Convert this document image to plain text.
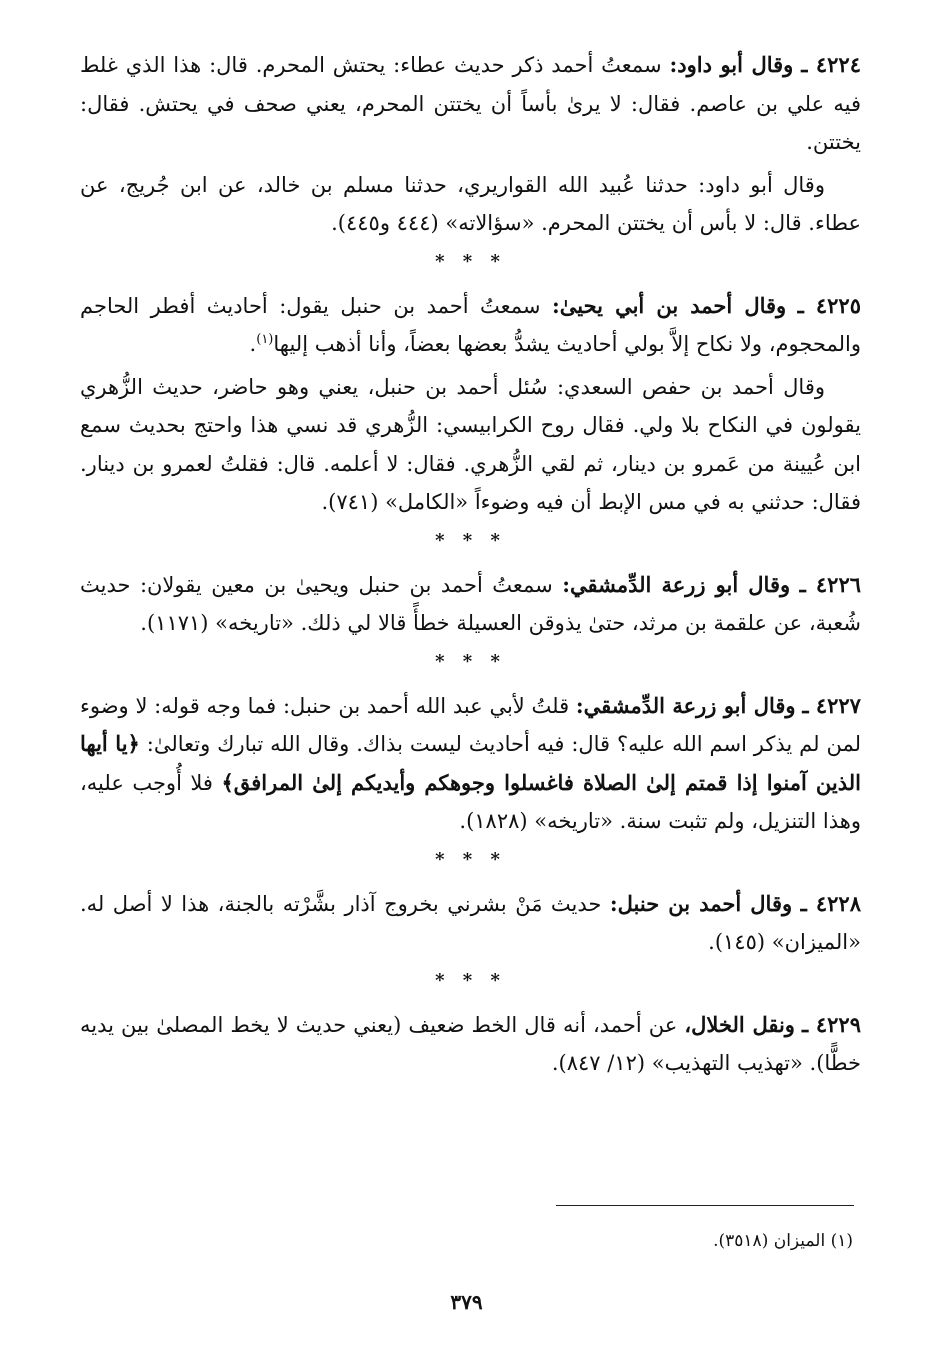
٤٢٢٤ ـ وقال أبو داود: سمعتُ أحمد ذكر حديث عطاء: يحتش المحرم. قال: هذا الذي غلط فيه علي بن عاصم. فقال: لا يرىٰ بأساً أن يختتن المحرم، يعني صحف في يحتش. فقال: يختتن.

وقال أبو داود: حدثنا عُبيد الله القواريري، حدثنا مسلم بن خالد، عن ابن جُريج، عن عطاء. قال: لا بأس أن يختتن المحرم. «سؤالاته» (٤٤٤ و٤٤٥).

* * *

٤٢٢٥ ـ وقال أحمد بن أبي يحيىٰ: سمعتُ أحمد بن حنبل يقول: أحاديث أفطر الحاجم والمحجوم، ولا نكاح إلاَّ بولي أحاديث يشدُّ بعضها بعضاً، وأنا أذهب إليها$^{(١)}$.

وقال أحمد بن حفص السعدي: سُئل أحمد بن حنبل، يعني وهو حاضر، حديث الزُّهري يقولون في النكاح بلا ولي. فقال روح الكرابيسي: الزُّهري قد نسي هذا واحتج بحديث سمع ابن عُيينة من عَمرو بن دينار، ثم لقي الزُّهري. فقال: لا أعلمه. قال: فقلتُ لعمرو بن دينار. فقال: حدثني به في مس الإبط أن فيه وضوءاً «الكامل» (٧٤١).

* * *

٤٢٢٦ ـ وقال أبو زرعة الدِّمشقي: سمعتُ أحمد بن حنبل ويحيىٰ بن معين يقولان: حديث شُعبة، عن علقمة بن مرثد، حتىٰ يذوقن العسيلة خطأً قالا لي ذلك. «تاريخه» (١١٧١).

* * *

٤٢٢٧ ـ وقال أبو زرعة الدِّمشقي: قلتُ لأبي عبد الله أحمد بن حنبل: فما وجه قوله: لا وضوء لمن لم يذكر اسم الله عليه؟ قال: فيه أحاديث ليست بذاك. وقال الله تبارك وتعالىٰ: ﴿يا أيها الذين آمنوا إذا قمتم إلىٰ الصلاة فاغسلوا وجوهكم وأيديكم إلىٰ المرافق﴾ فلا أُوجب عليه، وهذا التنزيل، ولم تثبت سنة. «تاريخه» (١٨٢٨).

* * *

٤٢٢٨ ـ وقال أحمد بن حنبل: حديث مَنْ بشرني بخروج آذار بشَّرْته بالجنة، هذا لا أصل له. «الميزان» (١٤٥).

* * *

٤٢٢٩ ـ ونقل الخلال، عن أحمد، أنه قال الخط ضعيف (يعني حديث لا يخط المصلىٰ بين يديه خطًّا). «تهذيب التهذيب» (١٢/ ٨٤٧).

(١) الميزان (٣٥١٨).
٣٧٩
